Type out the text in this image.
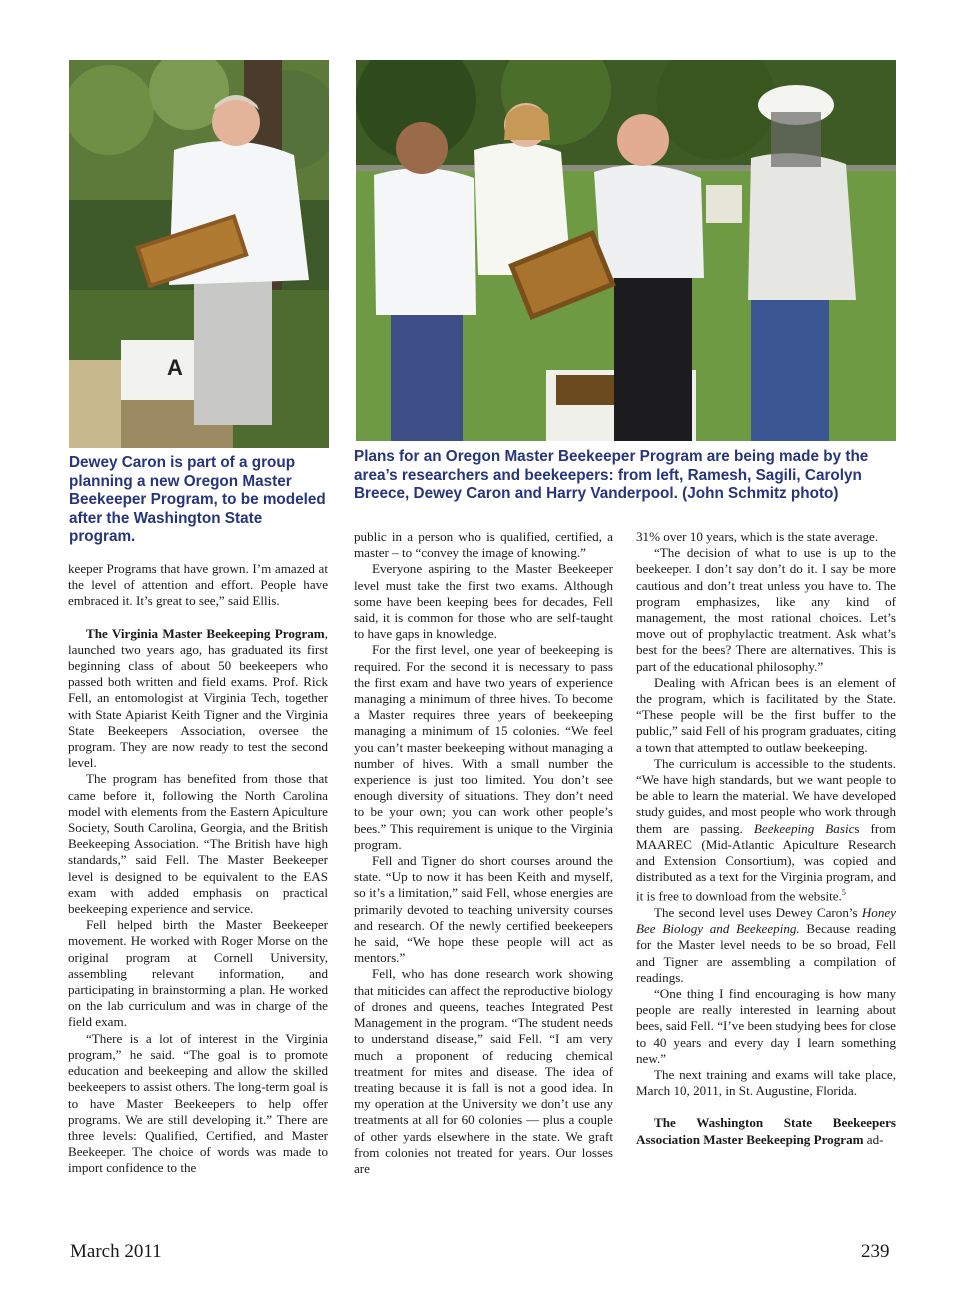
A

Dewey Caron is part of a group planning a new Oregon Master Beekeeper Program, to be modeled after the Washington State program.

Plans for an Oregon Master Beekeeper Program are being made by the area’s researchers and beekeepers: from left, Ramesh, Sagili, Carolyn Breece, Dewey Caron and Harry Vanderpool. (John Schmitz photo)

keeper Programs that have grown. I’m amazed at the level of attention and effort. People have embraced it. It’s great to see,” said Ellis.

The Virginia Master Beekeeping Program, launched two years ago, has graduated its first beginning class of about 50 beekeepers who passed both written and field exams. Prof. Rick Fell, an entomologist at Virginia Tech, together with State Apiarist Keith Tigner and the Virginia State Beekeepers Association, oversee the program. They are now ready to test the second level.

The program has benefited from those that came before it, following the North Carolina model with elements from the Eastern Apiculture Society, South Carolina, Georgia, and the British Beekeeping Association. “The British have high standards,” said Fell. The Master Beekeeper level is designed to be equivalent to the EAS exam with added emphasis on practical beekeeping experience and service.

Fell helped birth the Master Beekeeper movement. He worked with Roger Morse on the original program at Cornell University, assembling relevant information, and participating in brainstorming a plan. He worked on the lab curriculum and was in charge of the field exam.

“There is a lot of interest in the Virginia program,” he said. “The goal is to promote education and beekeeping and allow the skilled beekeepers to assist others. The long-term goal is to have Master Beekeepers to help offer programs. We are still developing it.” There are three levels: Qualified, Certified, and Master Beekeeper. The choice of words was made to import confidence to the

public in a person who is qualified, certified, a master – to “convey the image of knowing.”

Everyone aspiring to the Master Beekeeper level must take the first two exams. Although some have been keeping bees for decades, Fell said, it is common for those who are self-taught to have gaps in knowledge.

For the first level, one year of beekeeping is required. For the second it is necessary to pass the first exam and have two years of experience managing a minimum of three hives. To become a Master requires three years of beekeeping managing a minimum of 15 colonies. “We feel you can’t master beekeeping without managing a number of hives. With a small number the experience is just too limited. You don’t see enough diversity of situations. They don’t need to be your own; you can work other people’s bees.” This requirement is unique to the Virginia program.

Fell and Tigner do short courses around the state. “Up to now it has been Keith and myself, so it’s a limitation,” said Fell, whose energies are primarily devoted to teaching university courses and research. Of the newly certified beekeepers he said, “We hope these people will act as mentors.”

Fell, who has done research work showing that miticides can affect the reproductive biology of drones and queens, teaches Integrated Pest Management in the program. “The student needs to understand disease,” said Fell. “I am very much a proponent of reducing chemical treatment for mites and disease. The idea of treating because it is fall is not a good idea. In my operation at the University we don’t use any treatments at all for 60 colonies — plus a couple of other yards elsewhere in the state. We graft from colonies not treated for years. Our losses are

31% over 10 years, which is the state average.

“The decision of what to use is up to the beekeeper. I don’t say don’t do it. I say be more cautious and don’t treat unless you have to. The program emphasizes, like any kind of management, the most rational choices. Let’s move out of prophylactic treatment. Ask what’s best for the bees? There are alternatives. This is part of the educational philosophy.”

Dealing with African bees is an element of the program, which is facilitated by the State. “These people will be the first buffer to the public,” said Fell of his program graduates, citing a town that attempted to outlaw beekeeping.

The curriculum is accessible to the students. “We have high standards, but we want people to be able to learn the material. We have developed study guides, and most people who work through them are passing. Beekeeping Basics from MAAREC (Mid-Atlantic Apiculture Research and Extension Consortium), was copied and distributed as a text for the Virginia program, and it is free to download from the website.$^5$

The second level uses Dewey Caron’s Honey Bee Biology and Beekeeping. Because reading for the Master level needs to be so broad, Fell and Tigner are assembling a compilation of readings.

“One thing I find encouraging is how many people are really interested in learning about bees, said Fell. “I’ve been studying bees for close to 40 years and every day I learn something new.”

The next training and exams will take place, March 10, 2011, in St. Augustine, Florida.

The Washington State Beekeepers Association Master Beekeeping Program ad-

March 2011	239
